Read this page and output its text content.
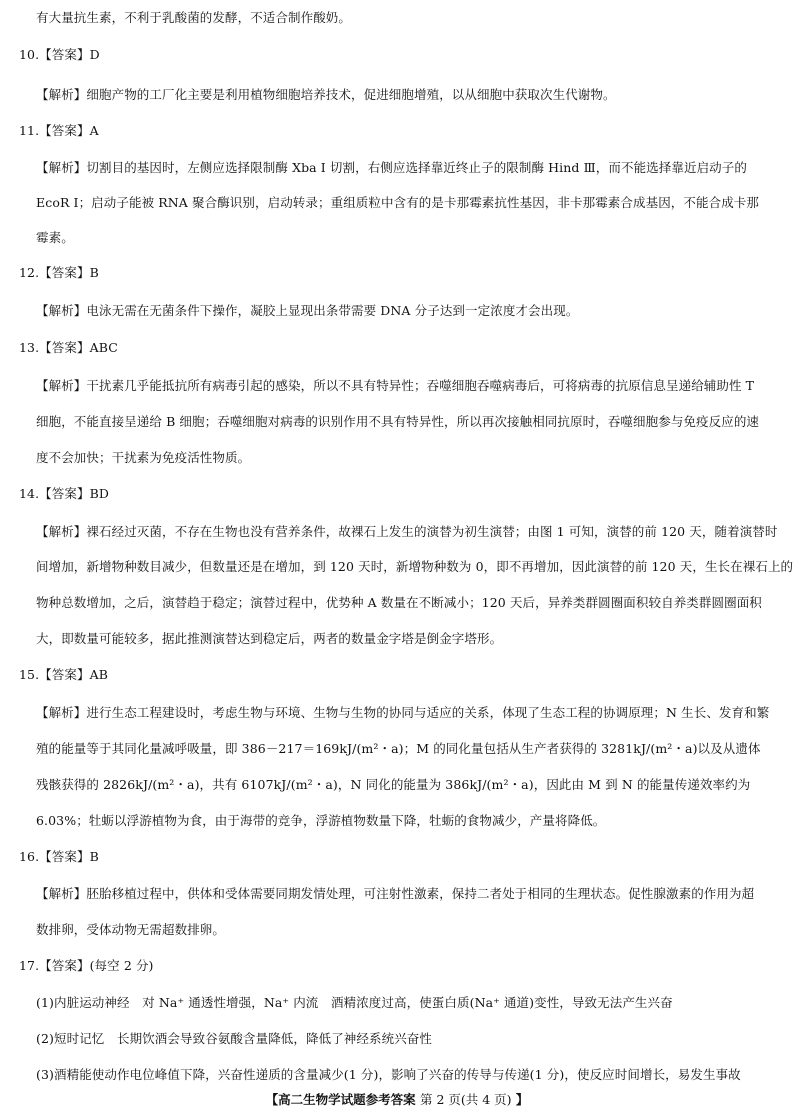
有大量抗生素，不利于乳酸菌的发酵，不适合制作酸奶。
10.【答案】D
【解析】细胞产物的工厂化主要是利用植物细胞培养技术，促进细胞增殖，以从细胞中获取次生代谢物。
11.【答案】A
【解析】切割目的基因时，左侧应选择限制酶 Xba Ⅰ 切割，右侧应选择靠近终止子的限制酶 Hind Ⅲ，而不能选择靠近启动子的
EcoR Ⅰ；启动子能被 RNA 聚合酶识别，启动转录；重组质粒中含有的是卡那霉素抗性基因，非卡那霉素合成基因，不能合成卡那
霉素。
12.【答案】B
【解析】电泳无需在无菌条件下操作，凝胶上显现出条带需要 DNA 分子达到一定浓度才会出现。
13.【答案】ABC
【解析】干扰素几乎能抵抗所有病毒引起的感染，所以不具有特异性；吞噬细胞吞噬病毒后，可将病毒的抗原信息呈递给辅助性 T
细胞，不能直接呈递给 B 细胞；吞噬细胞对病毒的识别作用不具有特异性，所以再次接触相同抗原时，吞噬细胞参与免疫反应的速
度不会加快；干扰素为免疫活性物质。
14.【答案】BD
【解析】裸石经过灭菌，不存在生物也没有营养条件，故裸石上发生的演替为初生演替；由图 1 可知，演替的前 120 天，随着演替时
间增加，新增物种数目减少，但数量还是在增加，到 120 天时，新增物种数为 0，即不再增加，因此演替的前 120 天，生长在裸石上的
物种总数增加，之后，演替趋于稳定；演替过程中，优势种 A 数量在不断减小；120 天后，异养类群圆圈面积较自养类群圆圈面积
大，即数量可能较多，据此推测演替达到稳定后，两者的数量金字塔是倒金字塔形。
15.【答案】AB
【解析】进行生态工程建设时，考虑生物与环境、生物与生物的协同与适应的关系，体现了生态工程的协调原理；N 生长、发育和繁
殖的能量等于其同化量减呼吸量，即 386－217＝169kJ/(m²・a)；M 的同化量包括从生产者获得的 3281kJ/(m²・a)以及从遗体
残骸获得的 2826kJ/(m²・a)，共有 6107kJ/(m²・a)，N 同化的能量为 386kJ/(m²・a)，因此由 M 到 N 的能量传递效率约为
6.03%；牡蛎以浮游植物为食，由于海带的竞争，浮游植物数量下降，牡蛎的食物减少，产量将降低。
16.【答案】B
【解析】胚胎移植过程中，供体和受体需要同期发情处理，可注射性激素，保持二者处于相同的生理状态。促性腺激素的作用为超
数排卵，受体动物无需超数排卵。
17.【答案】(每空 2 分)
(1)内脏运动神经　对 Na⁺ 通透性增强，Na⁺ 内流　酒精浓度过高，使蛋白质(Na⁺ 通道)变性，导致无法产生兴奋
(2)短时记忆　长期饮酒会导致谷氨酸含量降低，降低了神经系统兴奋性
(3)酒精能使动作电位峰值下降，兴奋性递质的含量减少(1 分)，影响了兴奋的传导与传递(1 分)，使反应时间增长，易发生事故
【高二生物学试题参考答案 第 2 页(共 4 页) 】
